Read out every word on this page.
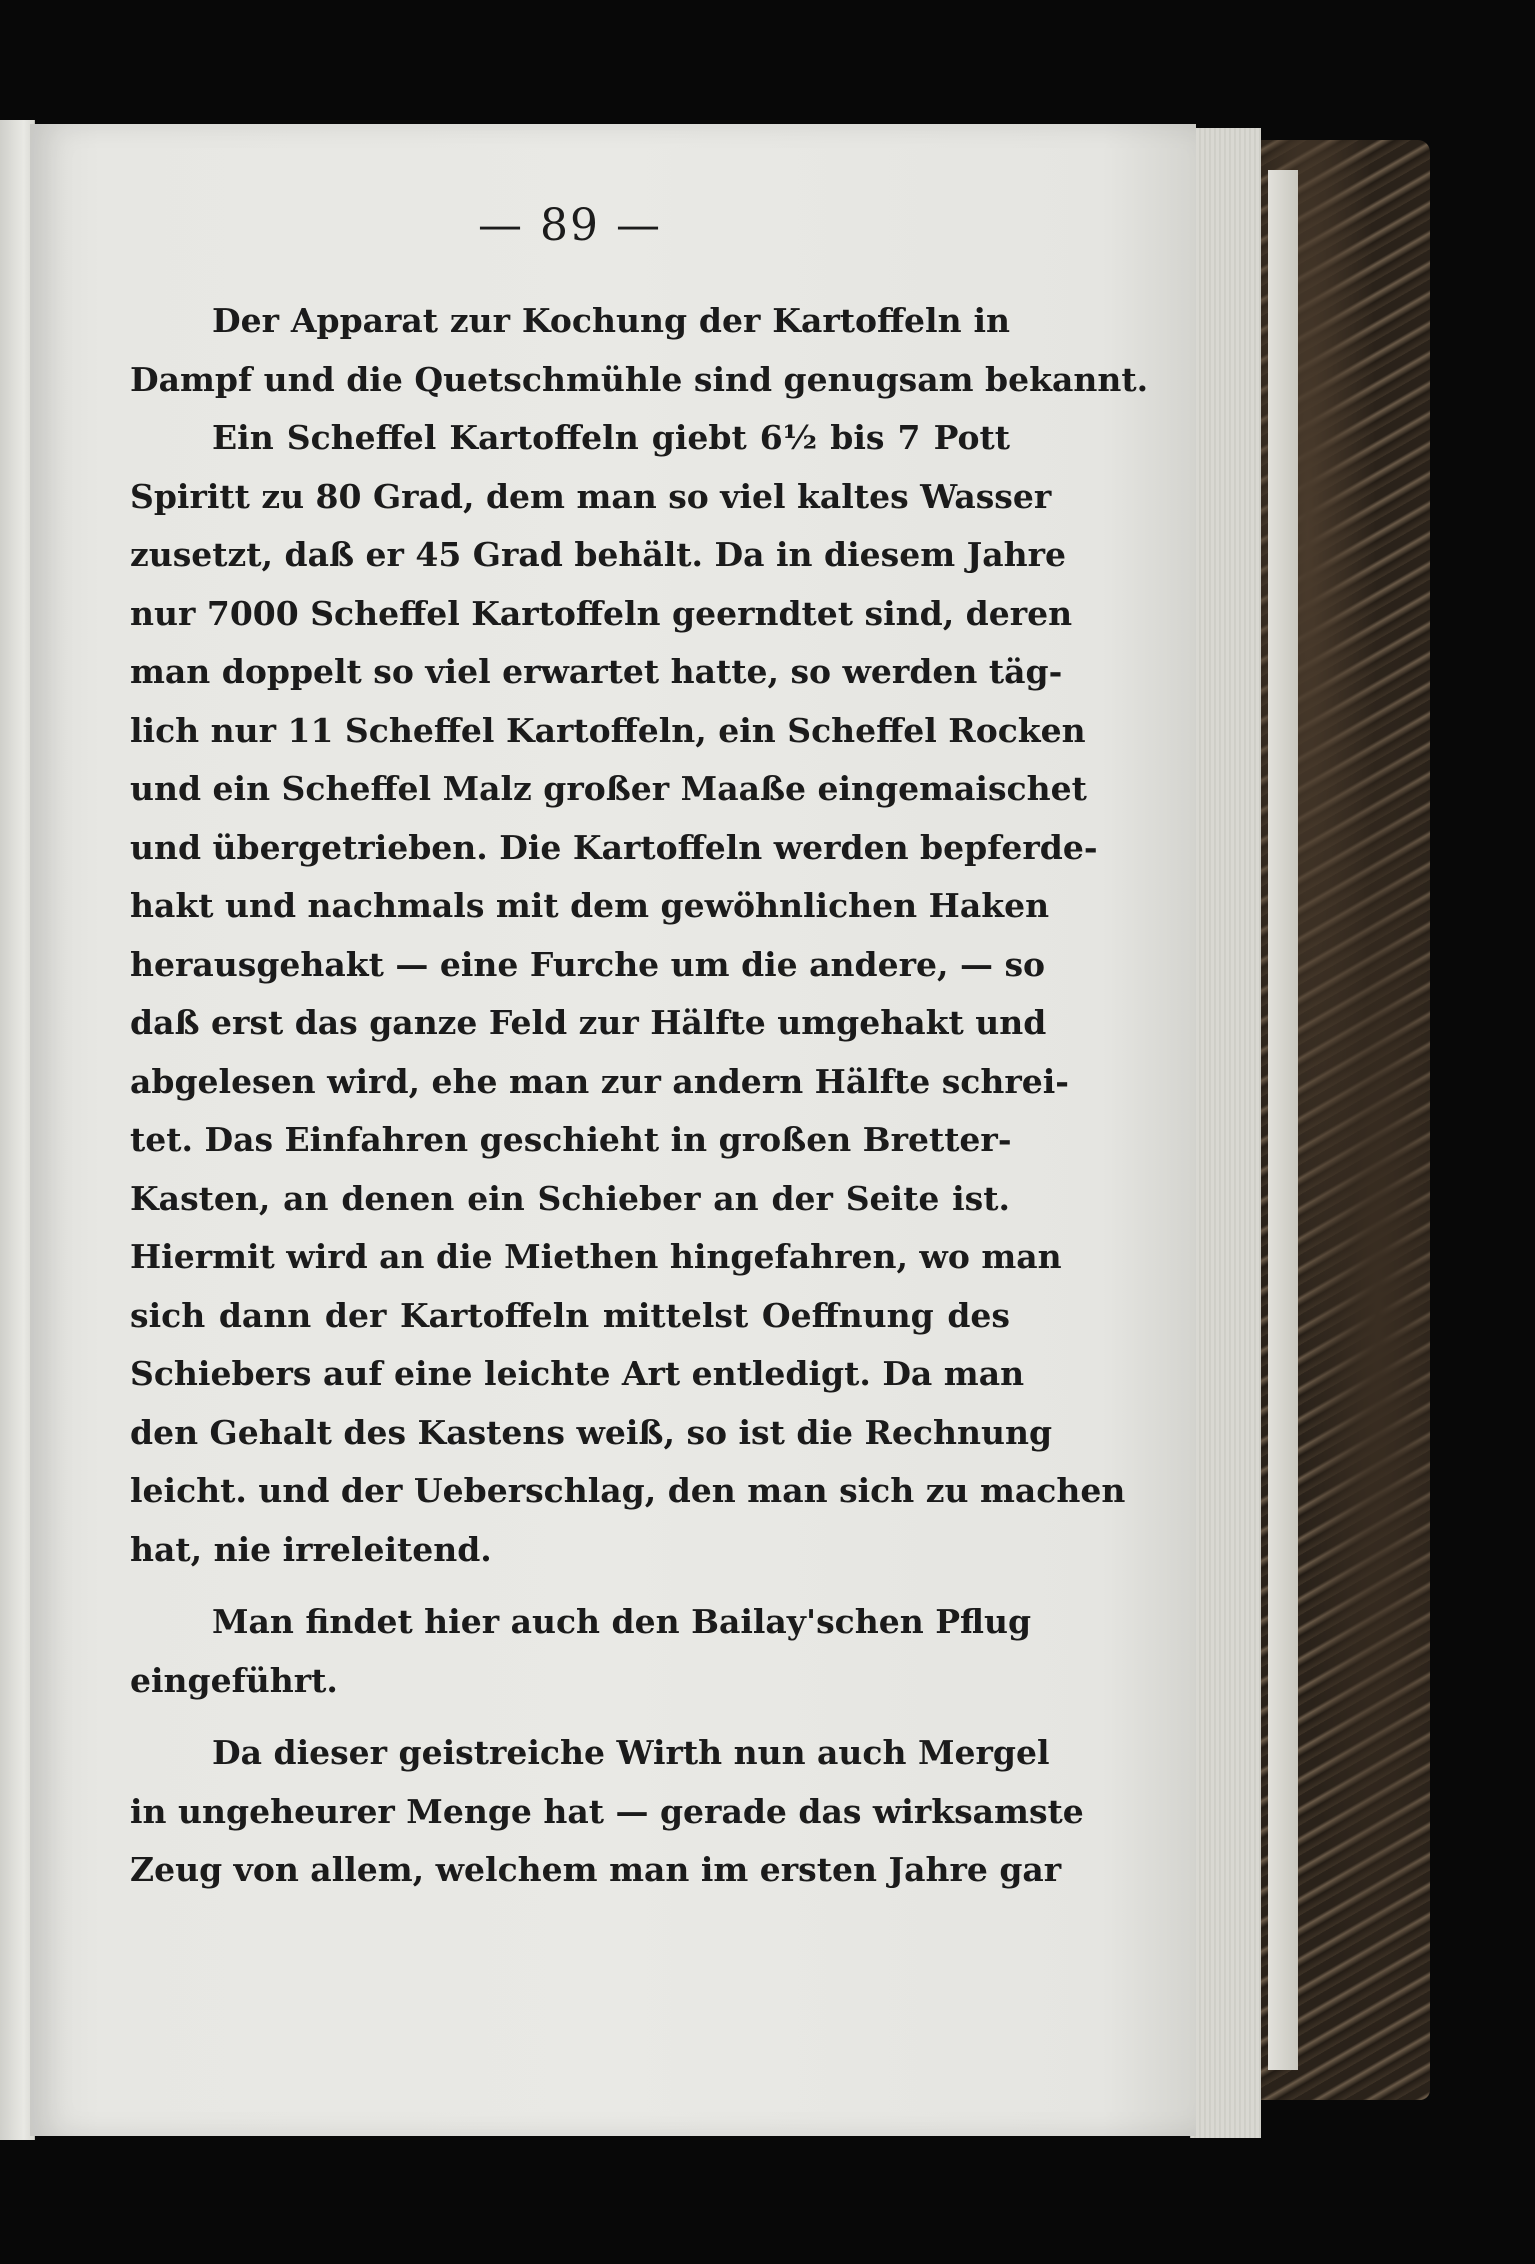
— 89 —
Der Apparat zur Kochung der Kartoffeln in
Dampf und die Quetschmühle sind genugsam bekannt.
Ein Scheffel Kartoffeln giebt 6½ bis 7 Pott
Spiritt zu 80 Grad, dem man so viel kaltes Wasser
zusetzt, daß er 45 Grad behält. Da in diesem Jahre
nur 7000 Scheffel Kartoffeln geerndtet sind, deren
man doppelt so viel erwartet hatte, so werden täg-
lich nur 11 Scheffel Kartoffeln, ein Scheffel Rocken
und ein Scheffel Malz großer Maaße eingemaischet
und übergetrieben. Die Kartoffeln werden bepferde-
hakt und nachmals mit dem gewöhnlichen Haken
herausgehakt — eine Furche um die andere, — so
daß erst das ganze Feld zur Hälfte umgehakt und
abgelesen wird, ehe man zur andern Hälfte schrei-
tet. Das Einfahren geschieht in großen Bretter-
Kasten, an denen ein Schieber an der Seite ist.
Hiermit wird an die Miethen hingefahren, wo man
sich dann der Kartoffeln mittelst Oeffnung des
Schiebers auf eine leichte Art entledigt. Da man
den Gehalt des Kastens weiß, so ist die Rechnung
leicht. und der Ueberschlag, den man sich zu machen
hat, nie irreleitend.
Man findet hier auch den Bailay'schen Pflug
eingeführt.
Da dieser geistreiche Wirth nun auch Mergel
in ungeheurer Menge hat — gerade das wirksamste
Zeug von allem, welchem man im ersten Jahre gar
